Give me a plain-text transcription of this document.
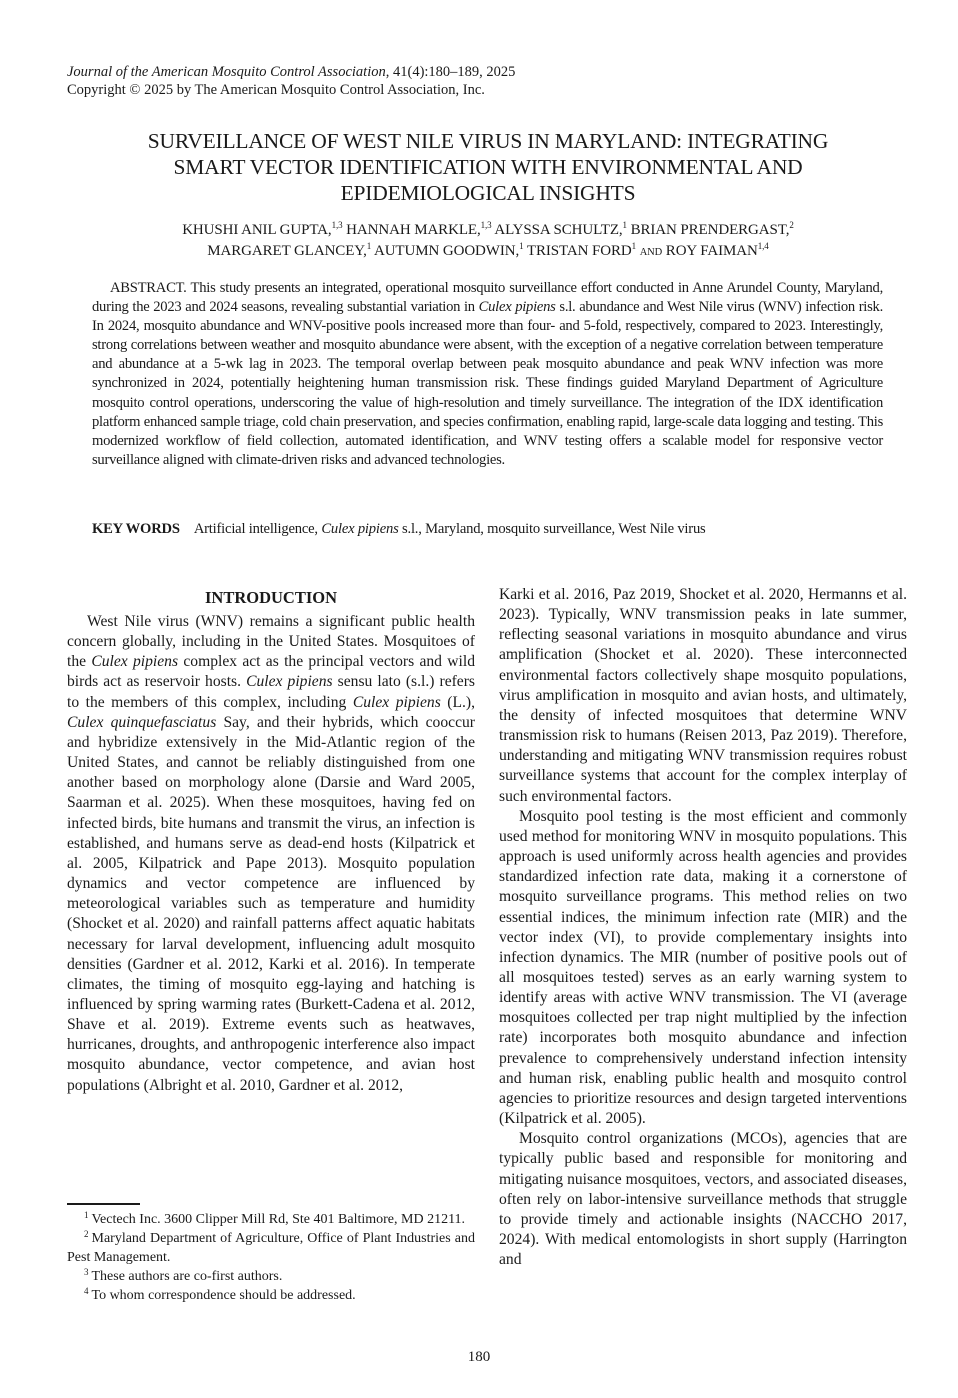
Journal of the American Mosquito Control Association, 41(4):180–189, 2025
Copyright © 2025 by The American Mosquito Control Association, Inc.
SURVEILLANCE OF WEST NILE VIRUS IN MARYLAND: INTEGRATING
SMART VECTOR IDENTIFICATION WITH ENVIRONMENTAL AND
EPIDEMIOLOGICAL INSIGHTS
KHUSHI ANIL GUPTA,$^{1,3}$ HANNAH MARKLE,$^{1,3}$ ALYSSA SCHULTZ,$^1$ BRIAN PRENDERGAST,$^2$
MARGARET GLANCEY,$^1$ AUTUMN GOODWIN,$^1$ TRISTAN FORD$^1$ AND ROY FAIMAN$^{1,4}$
ABSTRACT. This study presents an integrated, operational mosquito surveillance effort conducted in Anne Arundel County, Maryland, during the 2023 and 2024 seasons, revealing substantial variation in Culex pipiens s.l. abundance and West Nile virus (WNV) infection risk. In 2024, mosquito abundance and WNV-positive pools increased more than four- and 5-fold, respectively, compared to 2023. Interestingly, strong correlations between weather and mosquito abundance were absent, with the exception of a negative correlation between temperature and abundance at a 5-wk lag in 2023. The temporal overlap between peak mosquito abundance and peak WNV infection was more synchronized in 2024, potentially heightening human transmission risk. These findings guided Maryland Department of Agriculture mosquito control operations, underscoring the value of high-resolution and timely surveillance. The integration of the IDX identification platform enhanced sample triage, cold chain preservation, and species confirmation, enabling rapid, large-scale data logging and testing. This modernized workflow of field collection, automated identification, and WNV testing offers a scalable model for responsive vector surveillance aligned with climate-driven risks and advanced technologies.
KEY WORDS Artificial intelligence, Culex pipiens s.l., Maryland, mosquito surveillance, West Nile virus
INTRODUCTION

West Nile virus (WNV) remains a significant public health concern globally, including in the United States. Mosquitoes of the Culex pipiens complex act as the principal vectors and wild birds act as reservoir hosts. Culex pipiens sensu lato (s.l.) refers to the members of this complex, including Culex pipiens (L.), Culex quinquefasciatus Say, and their hybrids, which cooccur and hybridize extensively in the Mid-Atlantic region of the United States, and cannot be reliably distinguished from one another based on morphology alone (Darsie and Ward 2005, Saarman et al. 2025). When these mosquitoes, having fed on infected birds, bite humans and transmit the virus, an infection is established, and humans serve as dead-end hosts (Kilpatrick et al. 2005, Kilpatrick and Pape 2013). Mosquito population dynamics and vector competence are influenced by meteorological variables such as temperature and humidity (Shocket et al. 2020) and rainfall patterns affect aquatic habitats necessary for larval development, influencing adult mosquito densities (Gardner et al. 2012, Karki et al. 2016). In temperate climates, the timing of mosquito egg-laying and hatching is influenced by spring warming rates (Burkett-Cadena et al. 2012, Shave et al. 2019). Extreme events such as heatwaves, hurricanes, droughts, and anthropogenic interference also impact mosquito abundance, vector competence, and avian host populations (Albright et al. 2010, Gardner et al. 2012,

$^1$ Vectech Inc. 3600 Clipper Mill Rd, Ste 401 Baltimore, MD 21211.

$^2$ Maryland Department of Agriculture, Office of Plant Industries and Pest Management.

$^3$ These authors are co-first authors.

$^4$ To whom correspondence should be addressed.

Karki et al. 2016, Paz 2019, Shocket et al. 2020, Hermanns et al. 2023). Typically, WNV transmission peaks in late summer, reflecting seasonal variations in mosquito abundance and virus amplification (Shocket et al. 2020). These interconnected environmental factors collectively shape mosquito populations, virus amplification in mosquito and avian hosts, and ultimately, the density of infected mosquitoes that determine WNV transmission risk to humans (Reisen 2013, Paz 2019). Therefore, understanding and mitigating WNV transmission requires robust surveillance systems that account for the complex interplay of such environmental factors.

Mosquito pool testing is the most efficient and commonly used method for monitoring WNV in mosquito populations. This approach is used uniformly across health agencies and provides standardized infection rate data, making it a cornerstone of mosquito surveillance programs. This method relies on two essential indices, the minimum infection rate (MIR) and the vector index (VI), to provide complementary insights into infection dynamics. The MIR (number of positive pools out of all mosquitoes tested) serves as an early warning system to identify areas with active WNV transmission. The VI (average mosquitoes collected per trap night multiplied by the infection rate) incorporates both mosquito abundance and infection prevalence to comprehensively understand infection intensity and human risk, enabling public health and mosquito control agencies to prioritize resources and design targeted interventions (Kilpatrick et al. 2005).

Mosquito control organizations (MCOs), agencies that are typically public based and responsible for monitoring and mitigating nuisance mosquitoes, vectors, and associated diseases, often rely on labor-intensive surveillance methods that struggle to provide timely and actionable insights (NACCHO 2017, 2024). With medical entomologists in short supply (Harrington and

180
